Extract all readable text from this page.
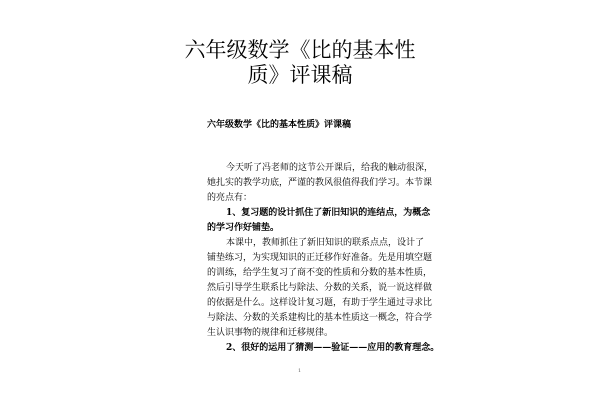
六年级数学《比的基本性
质》评课稿
六年级数学《比的基本性质》评课稿
今天听了冯老师的这节公开课后，给我的触动很深，
她扎实的教学功底，严谨的教风很值得我们学习。本节课
的亮点有：
1、复习题的设计抓住了新旧知识的连结点，为概念
的学习作好铺垫。
本课中，教师抓住了新旧知识的联系点点，设计了
铺垫练习，为实现知识的正迁移作好准备。先是用填空题
的训练，给学生复习了商不变的性质和分数的基本性质，
然后引导学生联系比与除法、分数的关系，说一说这样做
的依据是什么。这样设计复习题，有助于学生通过寻求比
与除法、分数的关系建构比的基本性质这一概念，符合学
生认识事物的规律和迁移规律。
2、很好的运用了猜测——验证——应用的教育理念。
1
